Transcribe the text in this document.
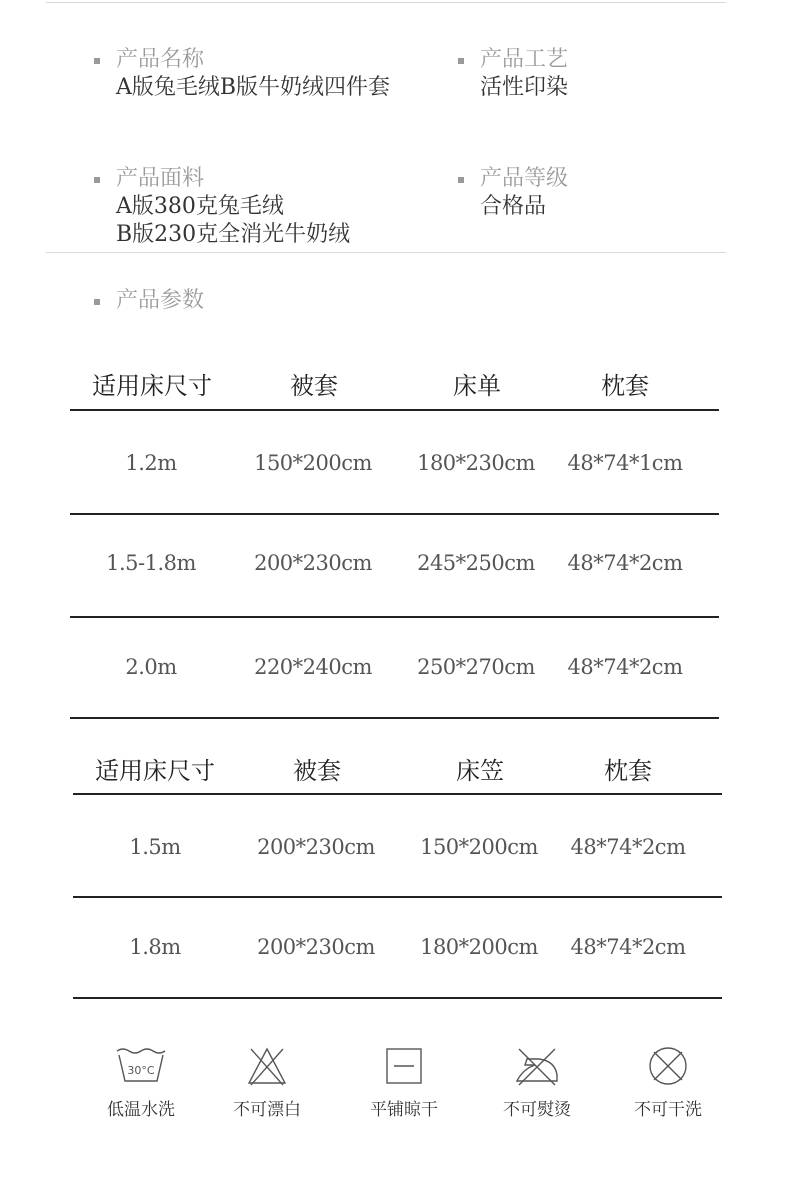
产品名称
A版兔毛绒B版牛奶绒四件套
产品工艺
活性印染
产品面料
A版380克兔毛绒
B版230克全消光牛奶绒
产品等级
合格品
产品参数
适用床尺寸	被套	床单	枕套
1.2m	150*200cm 180*230cm 48*74*1cm
1.5-1.8m	200*230cm 245*250cm 48*74*2cm
2.0m	220*240cm 250*270cm 48*74*2cm
适用床尺寸	被套	床笠	枕套
1.5m	200*230cm 150*200cm 48*74*2cm
1.8m	200*230cm 180*200cm 48*74*2cm
30°C
低温水洗	不可漂白	平铺晾干	不可熨烫	不可干洗
